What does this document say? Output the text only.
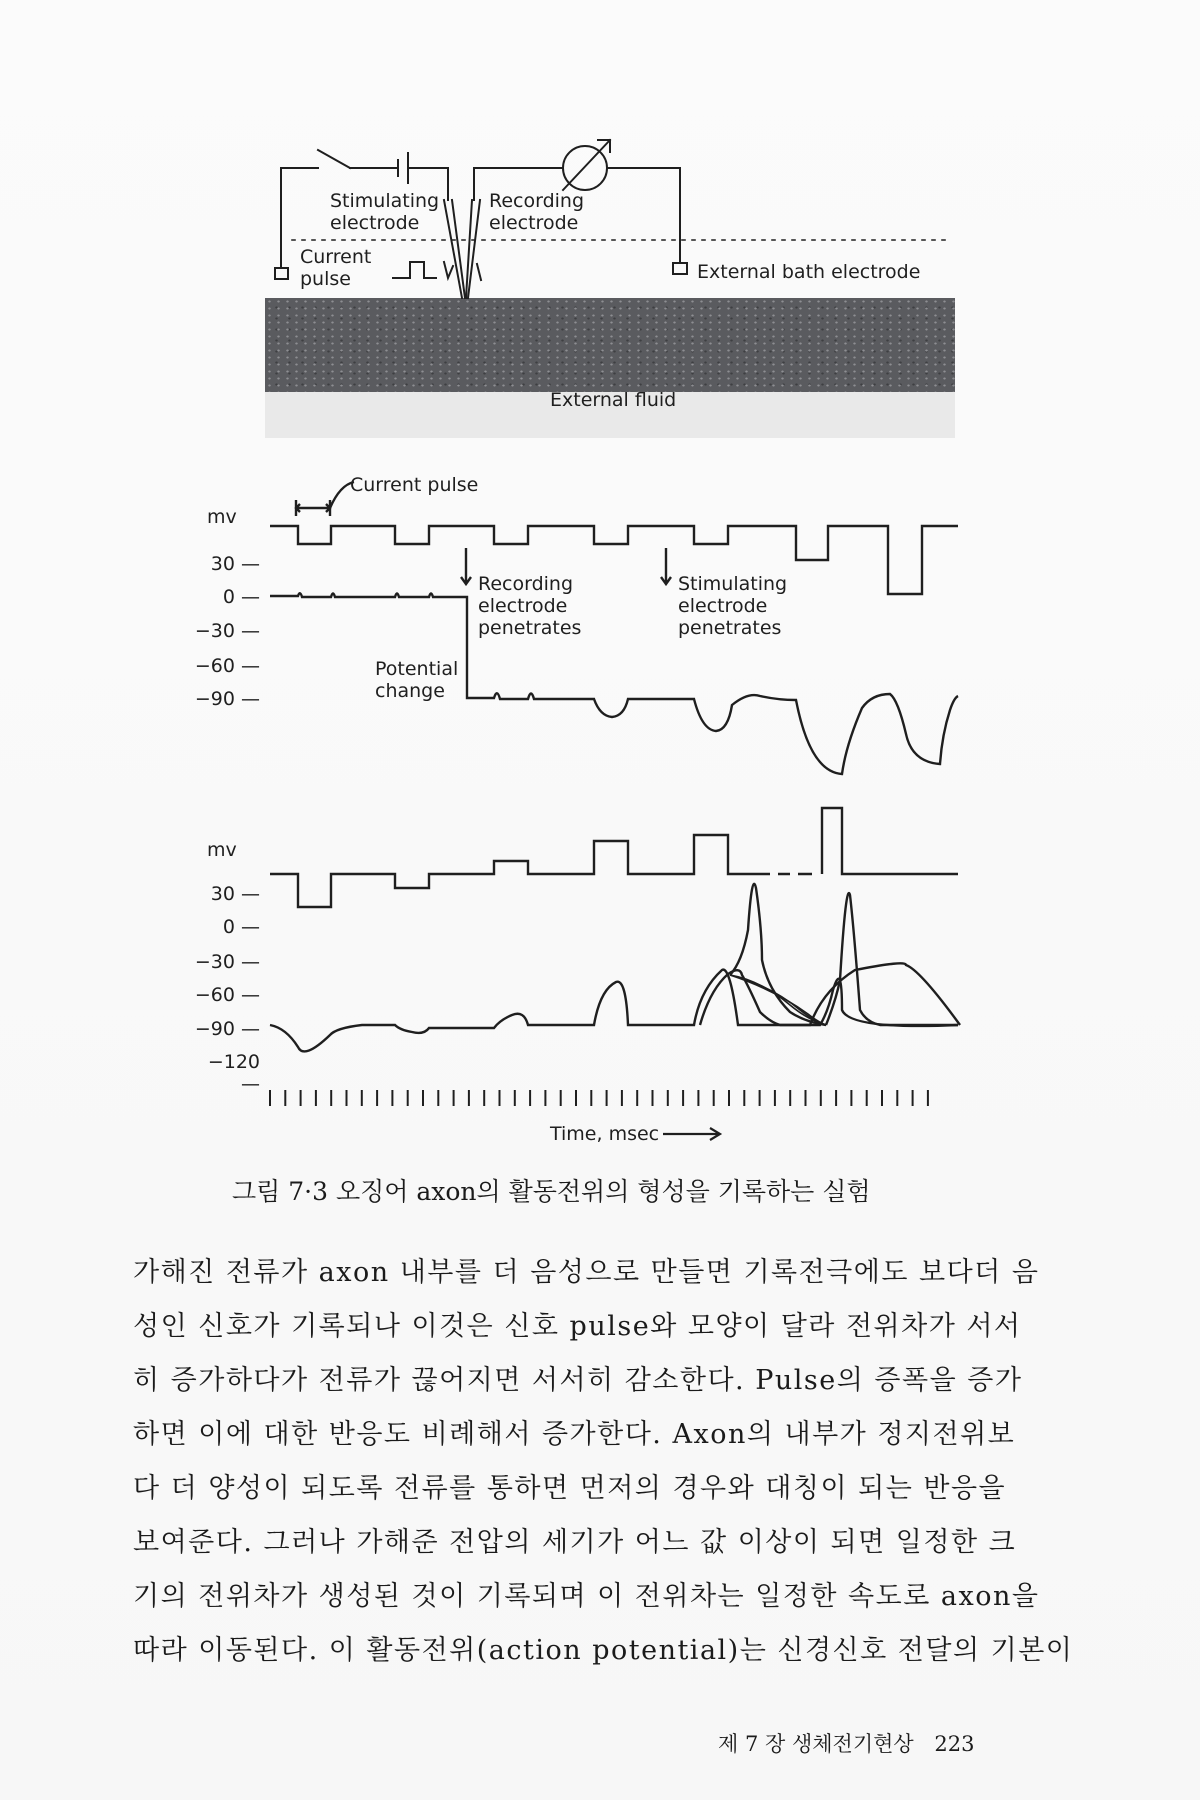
External fluid
Stimulating
electrode
Recording
electrode
Current
pulse	External bath electrode
mv
30 —
0 —
−30 —
−60 —
−90 —
Current pulse
Recording
electrode
penetrates
Stimulating
electrode
penetrates
Potential
change
mv
30 —
0 —
−30 —
−60 —
−90 —
−120 —
Time, msec
그림 7·3 오징어 axon의 활동전위의 형성을 기록하는 실험
가해진 전류가 axon 내부를 더 음성으로 만들면 기록전극에도 보다더 음
성인 신호가 기록되나 이것은 신호 pulse와 모양이 달라 전위차가 서서
히 증가하다가 전류가 끊어지면 서서히 감소한다. Pulse의 증폭을 증가
하면 이에 대한 반응도 비례해서 증가한다. Axon의 내부가 정지전위보
다 더 양성이 되도록 전류를 통하면 먼저의 경우와 대칭이 되는 반응을
보여준다. 그러나 가해준 전압의 세기가 어느 값 이상이 되면 일정한 크
기의 전위차가 생성된 것이 기록되며 이 전위차는 일정한 속도로 axon을
따라 이동된다. 이 활동전위(action potential)는 신경신호 전달의 기본이
제 7 장 생체전기현상 223
